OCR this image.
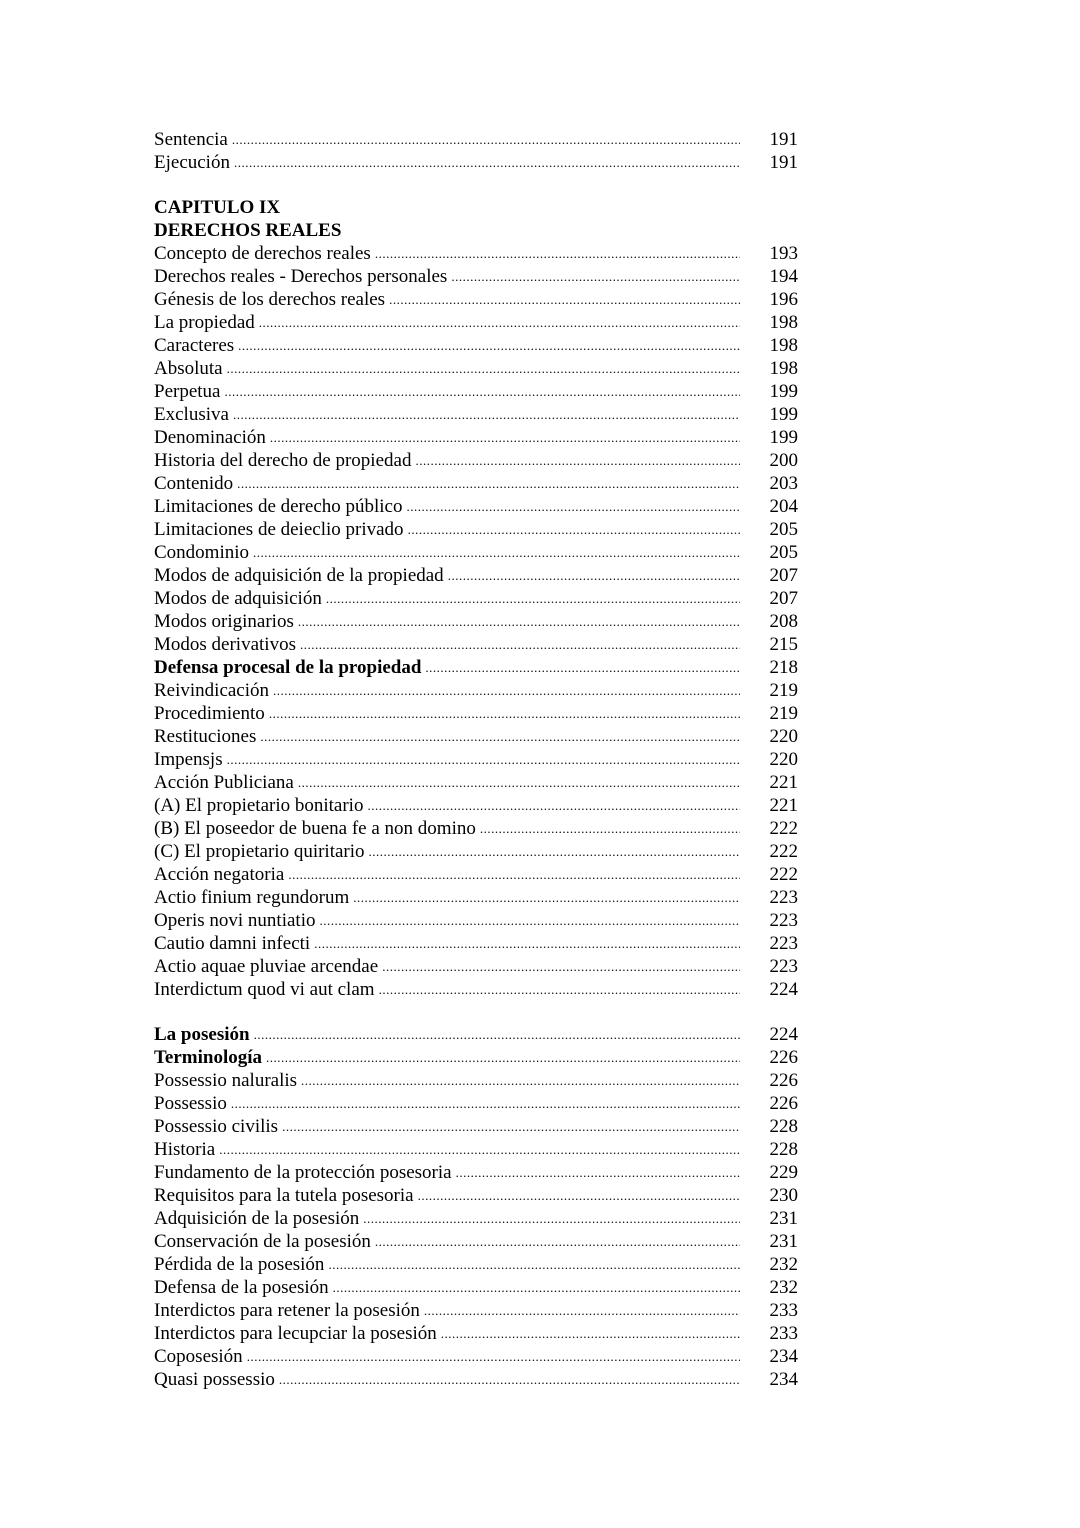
Sentencia .....	191
Ejecución .....	191
CAPITULO IX
DERECHOS REALES
Concepto de derechos reales .....	193
Derechos reales - Derechos personales .....	194
Génesis de los derechos reales .....	196
La propiedad .....	198
Caracteres .....	198
Absoluta .....	198
Perpetua .....	199
Exclusiva .....	199
Denominación .....	199
Historia del derecho de propiedad .....	200
Contenido .....	203
Limitaciones de derecho público .....	204
Limitaciones de deieclio privado .....	205
Condominio .....	205
Modos de adquisición de la propiedad .....	207
Modos de adquisición .....	207
Modos originarios .....	208
Modos derivativos .....	215
Defensa procesal de la propiedad .....	218
Reivindicación .....	219
Procedimiento .....	219
Restituciones .....	220
Impensjs .....	220
Acción Publiciana .....	221
(A) El propietario bonitario .....	221
(B) El poseedor de buena fe a non domino .....	222
(C) El propietario quiritario .....	222
Acción negatoria .....	222
Actio finium regundorum .....	223
Operis novi nuntiatio .....	223
Cautio damni infecti .....	223
Actio aquae pluviae arcendae .....	223
Interdictum quod vi aut clam .....	224
La posesión .....	224
Terminología .....	226
Possessio naluralis .....	226
Possessio .....	226
Possessio civilis .....	228
Historia .....	228
Fundamento de la protección posesoria .....	229
Requisitos para la tutela posesoria .....	230
Adquisición de la posesión .....	231
Conservación de la posesión .....	231
Pérdida de la posesión .....	232
Defensa de la posesión .....	232
Interdictos para retener la posesión .....	233
Interdictos para lecupciar la posesión .....	233
Coposesión .....	234
Quasi possessio .....	234
